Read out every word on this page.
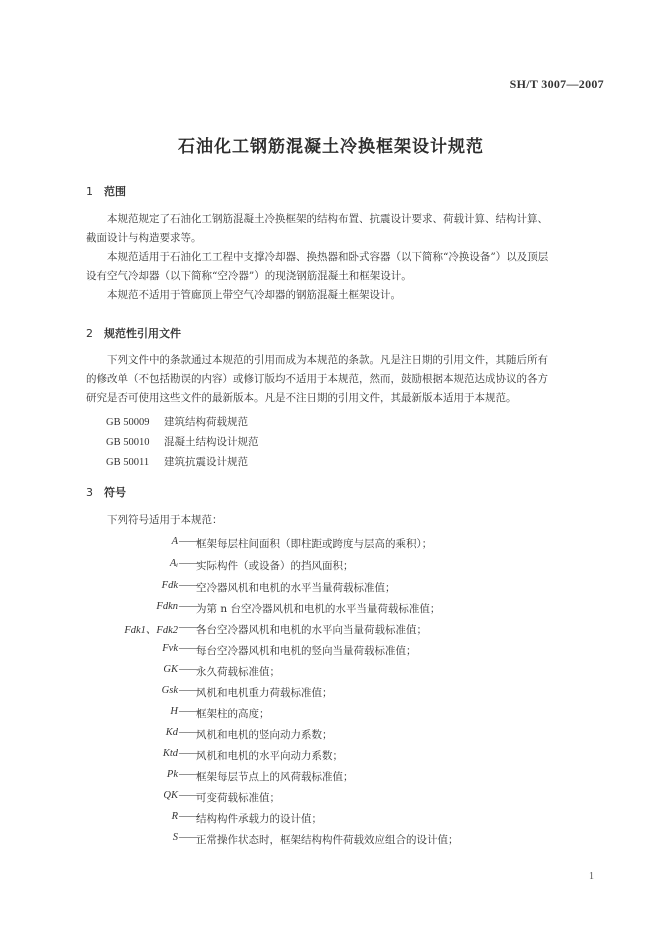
SH/T 3007—2007
石油化工钢筋混凝土冷换框架设计规范
1 范围
本规范规定了石油化工钢筋混凝土冷换框架的结构布置、抗震设计要求、荷载计算、结构计算、
截面设计与构造要求等。
本规范适用于石油化工工程中支撑冷却器、换热器和卧式容器（以下简称“冷换设备”）以及顶层
设有空气冷却器（以下简称“空冷器”）的现浇钢筋混凝土和框架设计。
本规范不适用于管廊顶上带空气冷却器的钢筋混凝土框架设计。
2 规范性引用文件
下列文件中的条款通过本规范的引用而成为本规范的条款。凡是注日期的引用文件，其随后所有
的修改单（不包括勘误的内容）或修订版均不适用于本规范，然而，鼓励根据本规范达成协议的各方
研究是否可使用这些文件的最新版本。凡是不注日期的引用文件，其最新版本适用于本规范。
GB 50009 建筑结构荷载规范
GB 50010 混凝土结构设计规范
GB 50011 建筑抗震设计规范
3 符号
下列符号适用于本规范：
A ——
框架每层柱间面积（即柱距或跨度与层高的乘积）；
Aᵢ ——
实际构件（或设备）的挡风面积；
Fdk ——
空冷器风机和电机的水平当量荷载标准值；
Fdkn ——
为第 n 台空冷器风机和电机的水平当量荷载标准值；
Fdk1、Fdk2 ——
各台空冷器风机和电机的水平向当量荷载标准值；
Fvk ——
每台空冷器风机和电机的竖向当量荷载标准值；
GK ——
永久荷载标准值；
Gsk ——
风机和电机重力荷载标准值；
H ——
框架柱的高度；
Kd ——
风机和电机的竖向动力系数；
Ktd ——
风机和电机的水平向动力系数；
Pk ——
框架每层节点上的风荷载标准值；
QK ——
可变荷载标准值；
R ——
结构构件承载力的设计值；
S ——
正常操作状态时，框架结构构件荷载效应组合的设计值；
1
